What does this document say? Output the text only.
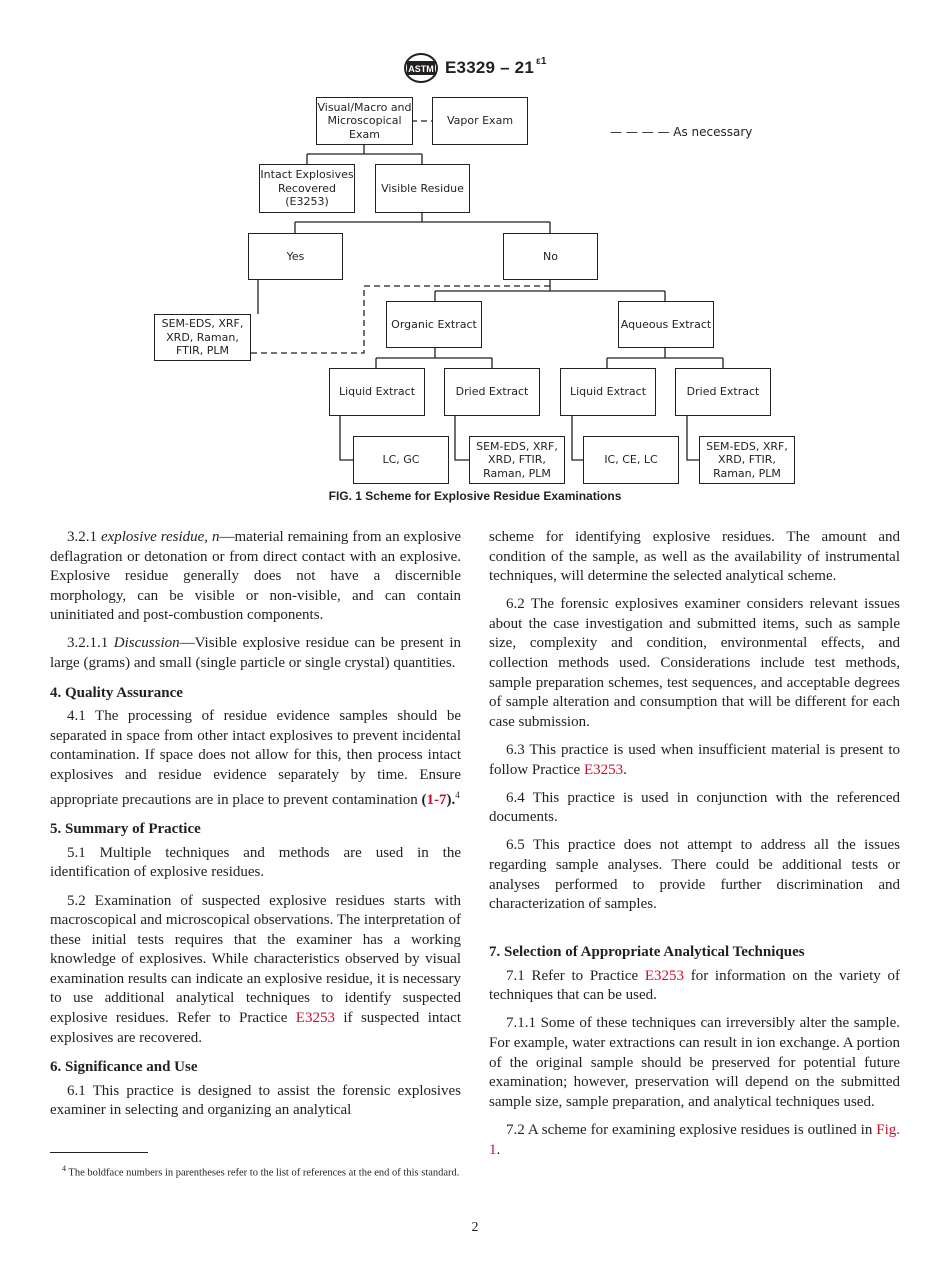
ASTM E3329 – 21 $^{\varepsilon 1}$
Visual/Macro and Microscopical Exam
Vapor Exam
— — — — As necessary
Intact Explosives Recovered (E3253)
Visible Residue
Yes	No
SEM-EDS, XRF, XRD, Raman, FTIR, PLM
Organic Extract	Aqueous Extract
Liquid Extract	Dried Extract	Liquid Extract	Dried Extract
LC, GC
SEM-EDS, XRF, XRD, FTIR, Raman, PLM
IC, CE, LC
SEM-EDS, XRF, XRD, FTIR, Raman, PLM
FIG. 1 Scheme for Explosive Residue Examinations

3.2.1 explosive residue, n—material remaining from an explosive deflagration or detonation or from direct contact with an explosive. Explosive residue generally does not have a discernible morphology, can be visible or non-visible, and can contain uninitiated and post-combustion components.

3.2.1.1 Discussion—Visible explosive residue can be present in large (grams) and small (single particle or single crystal) quantities.

4. Quality Assurance

4.1 The processing of residue evidence samples should be separated in space from other intact explosives to prevent incidental contamination. If space does not allow for this, then process intact explosives and residue evidence separately by time. Ensure appropriate precautions are in place to prevent contamination (1-7).$^4$

5. Summary of Practice

5.1 Multiple techniques and methods are used in the identification of explosive residues.

5.2 Examination of suspected explosive residues starts with macroscopical and microscopical observations. The interpretation of these initial tests requires that the examiner has a working knowledge of explosives. While characteristics observed by visual examination results can indicate an explosive residue, it is necessary to use additional analytical techniques to identify suspected explosive residues. Refer to Practice E3253 if suspected intact explosives are recovered.

6. Significance and Use

6.1 This practice is designed to assist the forensic explosives examiner in selecting and organizing an analytical

scheme for identifying explosive residues. The amount and condition of the sample, as well as the availability of instrumental techniques, will determine the selected analytical scheme.

6.2 The forensic explosives examiner considers relevant issues about the case investigation and submitted items, such as sample size, complexity and condition, environmental effects, and collection methods used. Considerations include test methods, sample preparation schemes, test sequences, and acceptable degrees of sample alteration and consumption that will be different for each case submission.

6.3 This practice is used when insufficient material is present to follow Practice E3253.

6.4 This practice is used in conjunction with the referenced documents.

6.5 This practice does not attempt to address all the issues regarding sample analyses. There could be additional tests or analyses performed to provide further discrimination and characterization of samples.

7. Selection of Appropriate Analytical Techniques

7.1 Refer to Practice E3253 for information on the variety of techniques that can be used.

7.1.1 Some of these techniques can irreversibly alter the sample. For example, water extractions can result in ion exchange. A portion of the original sample should be preserved for potential future examination; however, preservation will depend on the submitted sample size, sample preparation, and analytical techniques used.

7.2 A scheme for examining explosive residues is outlined in Fig. 1.

$^4$ The boldface numbers in parentheses refer to the list of references at the end of this standard.
2
